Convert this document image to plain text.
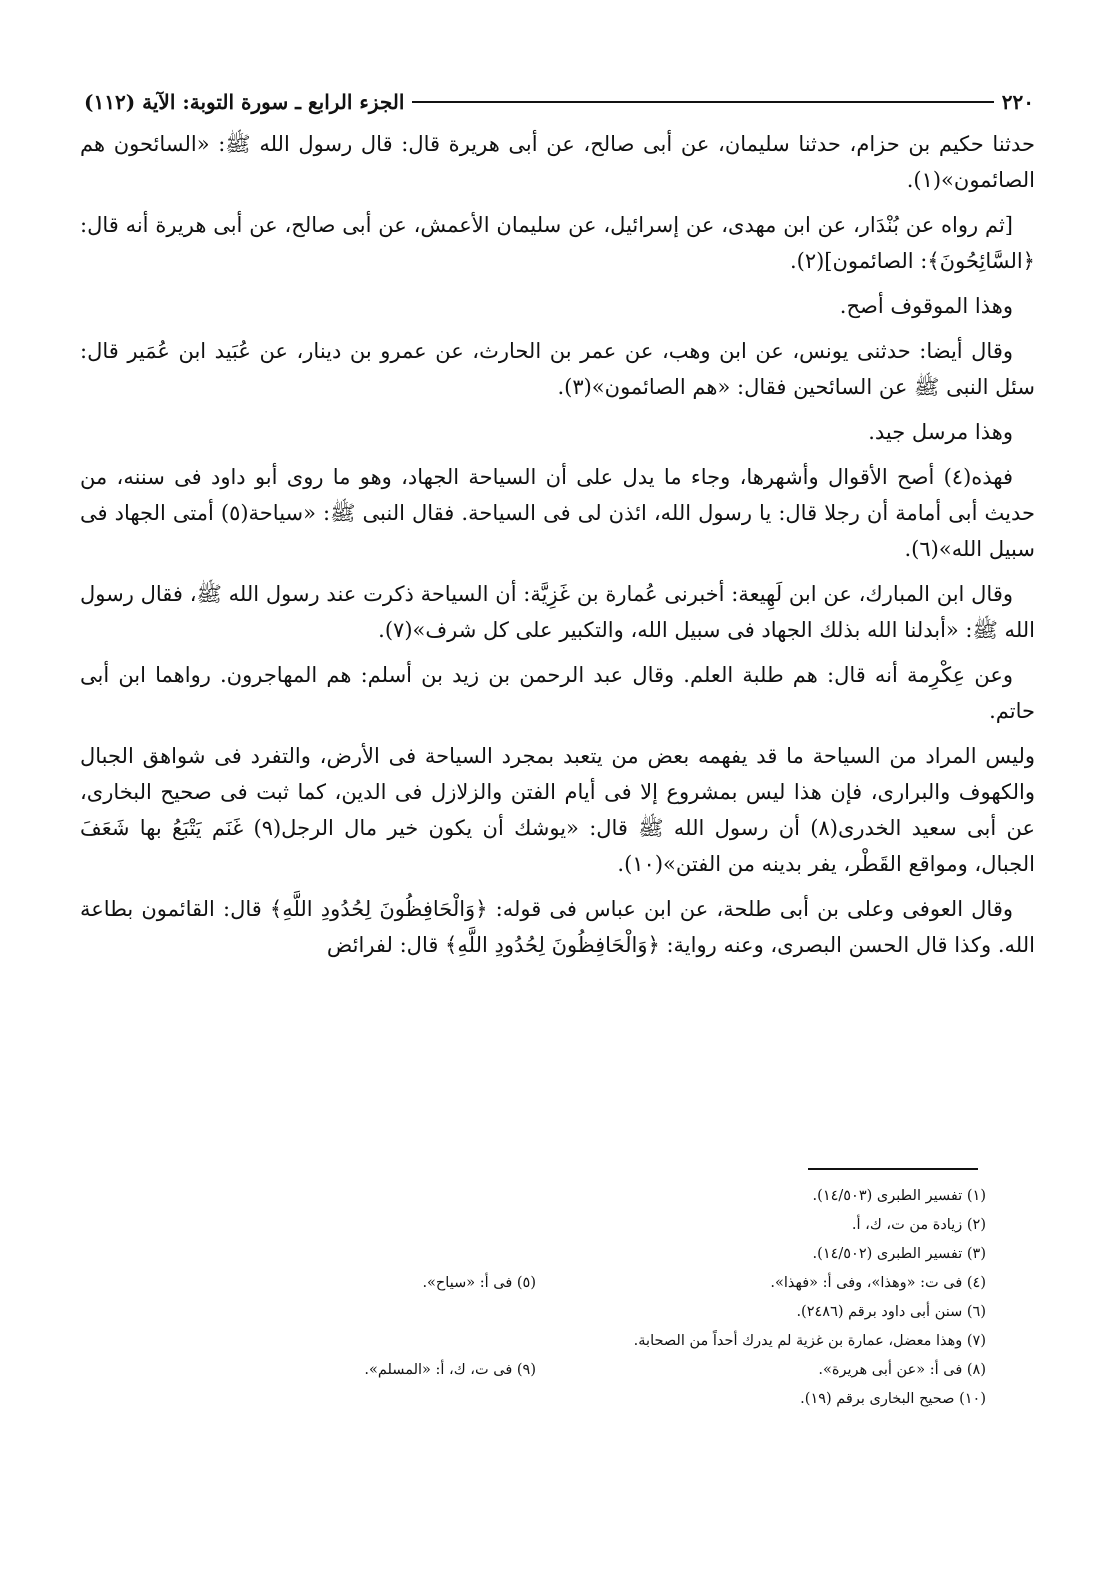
٢٢٠
الجزء الرابع ـ سورة التوبة: الآية (١١٢)

حدثنا حكيم بن حزام، حدثنا سليمان، عن أبى صالح، عن أبى هريرة قال: قال رسول الله ﷺ: «السائحون هم الصائمون»(١).

[ثم رواه عن بُنْدَار، عن ابن مهدى، عن إسرائيل، عن سليمان الأعمش، عن أبى صالح، عن أبى هريرة أنه قال: ﴿السَّائِحُونَ﴾: الصائمون](٢).

وهذا الموقوف أصح.

وقال أيضا: حدثنى يونس، عن ابن وهب، عن عمر بن الحارث، عن عمرو بن دينار، عن عُبَيد ابن عُمَير قال: سئل النبى ﷺ عن السائحين فقال: «هم الصائمون»(٣).

وهذا مرسل جيد.

فهذه(٤) أصح الأقوال وأشهرها، وجاء ما يدل على أن السياحة الجهاد، وهو ما روى أبو داود فى سننه، من حديث أبى أمامة أن رجلا قال: يا رسول الله، ائذن لى فى السياحة. فقال النبى ﷺ: «سياحة(٥) أمتى الجهاد فى سبيل الله»(٦).

وقال ابن المبارك، عن ابن لَهِيعة: أخبرنى عُمارة بن غَزِيَّة: أن السياحة ذكرت عند رسول الله ﷺ، فقال رسول الله ﷺ: «أبدلنا الله بذلك الجهاد فى سبيل الله، والتكبير على كل شرف»(٧).

وعن عِكْرِمة أنه قال: هم طلبة العلم. وقال عبد الرحمن بن زيد بن أسلم: هم المهاجرون. رواهما ابن أبى حاتم.

وليس المراد من السياحة ما قد يفهمه بعض من يتعبد بمجرد السياحة فى الأرض، والتفرد فى شواهق الجبال والكهوف والبرارى، فإن هذا ليس بمشروع إلا فى أيام الفتن والزلازل فى الدين، كما ثبت فى صحيح البخارى، عن أبى سعيد الخدرى(٨) أن رسول الله ﷺ قال: «يوشك أن يكون خير مال الرجل(٩) غَنَم يَتْبَعُ بها شَعَفَ الجبال، ومواقع القَطْر، يفر بدينه من الفتن»(١٠).

وقال العوفى وعلى بن أبى طلحة، عن ابن عباس فى قوله: ﴿وَالْحَافِظُونَ لِحُدُودِ اللَّهِ﴾ قال: القائمون بطاعة الله. وكذا قال الحسن البصرى، وعنه رواية: ﴿وَالْحَافِظُونَ لِحُدُودِ اللَّهِ﴾ قال: لفرائض

(١) تفسير الطبرى (١٤/٥٠٣).
(٢) زيادة من ت، ك، أ.
(٣) تفسير الطبرى (١٤/٥٠٢).
(٤) فى ت: «وهذا»، وفى أ: «فهذا».
(٥) فى أ: «سياح».
(٦) سنن أبى داود برقم (٢٤٨٦).
(٧) وهذا معضل، عمارة بن غزية لم يدرك أحداً من الصحابة.
(٨) فى أ: «عن أبى هريرة».
(٩) فى ت، ك، أ: «المسلم».
(١٠) صحيح البخارى برقم (١٩).
